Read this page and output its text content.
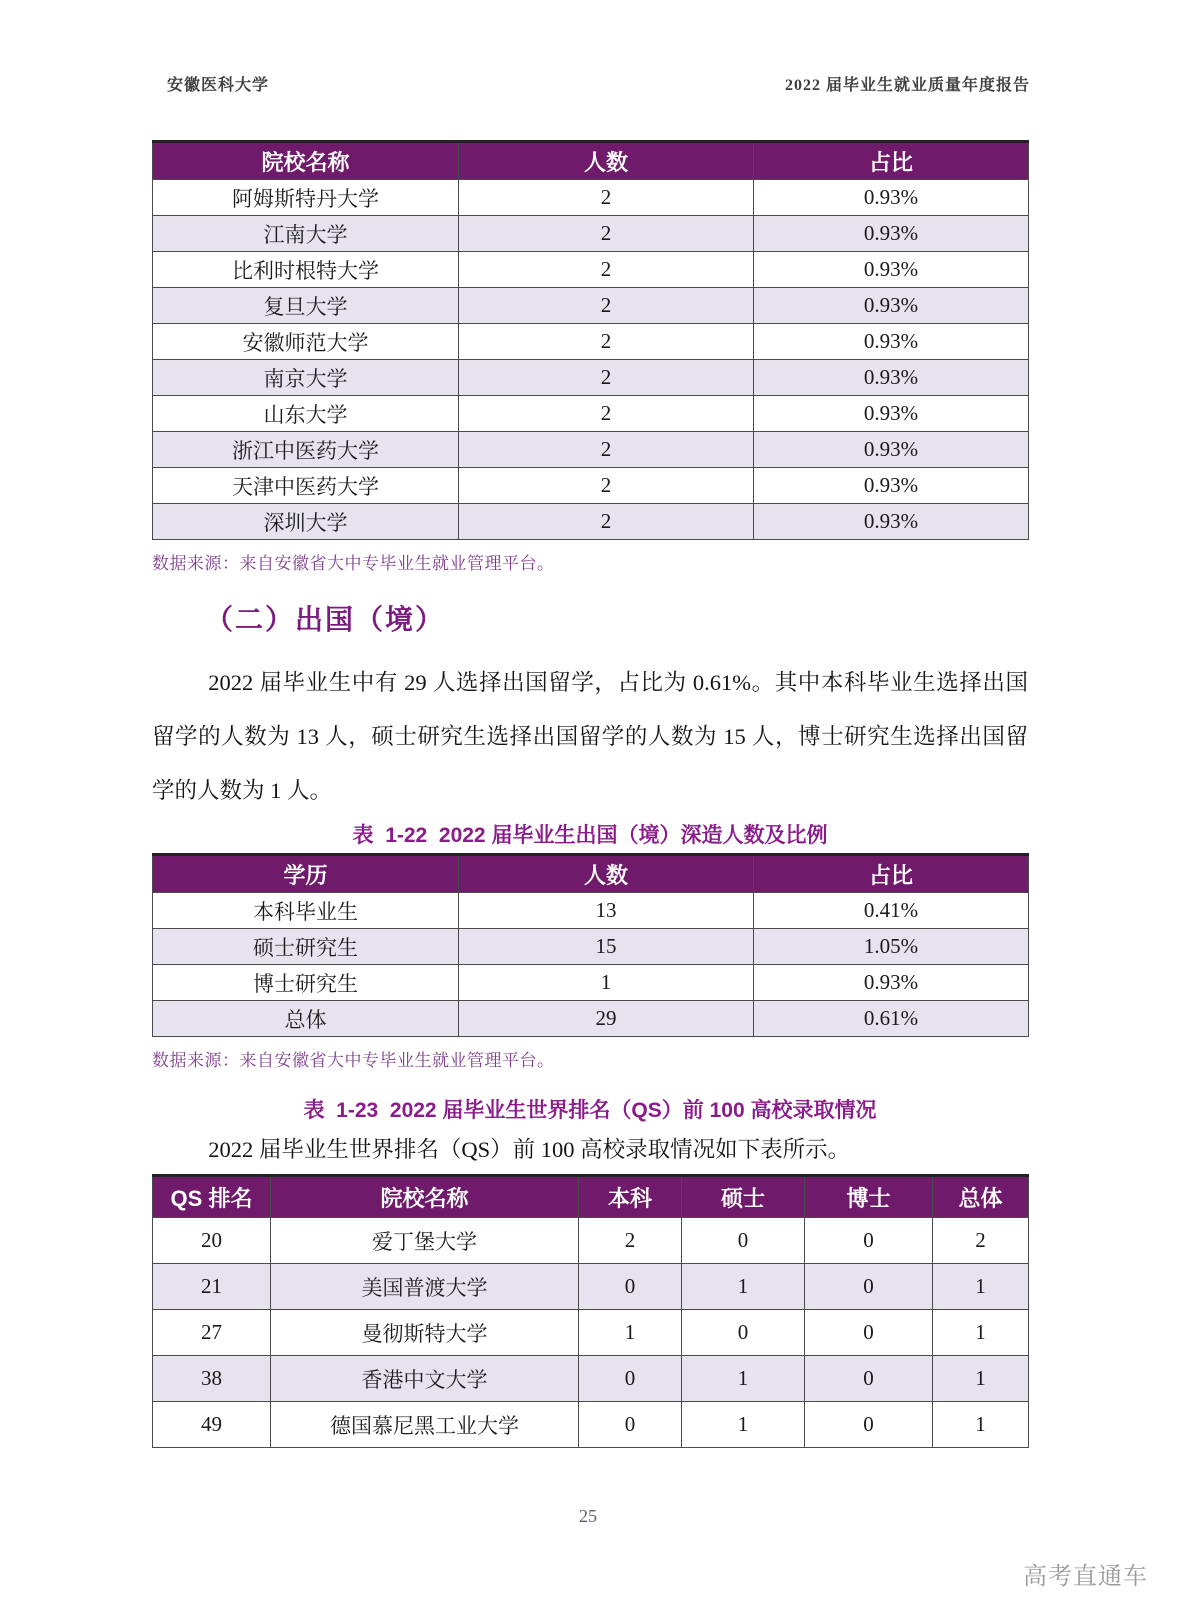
安徽医科大学	2022 届毕业生就业质量年度报告
院校名称	人数	占比
阿姆斯特丹大学	2	0.93%
江南大学	2	0.93%
比利时根特大学	2	0.93%
复旦大学	2	0.93%
安徽师范大学	2	0.93%
南京大学	2	0.93%
山东大学	2	0.93%
浙江中医药大学	2	0.93%
天津中医药大学	2	0.93%
深圳大学	2	0.93%

数据来源：来自安徽省大中专毕业生就业管理平台。

（二）出国（境）

2022 届毕业生中有 29 人选择出国留学，占比为 0.61%。其中本科毕业生选择出国留学的人数为 13 人，硕士研究生选择出国留学的人数为 15 人，博士研究生选择出国留学的人数为 1 人。

表  1-22  2022 届毕业生出国（境）深造人数及比例

学历	人数	占比
本科毕业生	13	0.41%
硕士研究生	15	1.05%
博士研究生	1	0.93%
总体	29	0.61%

数据来源：来自安徽省大中专毕业生就业管理平台。

表  1-23  2022 届毕业生世界排名（QS）前 100 高校录取情况

2022 届毕业生世界排名（QS）前 100 高校录取情况如下表所示。

QS 排名	院校名称	本科	硕士	博士	总体
20	爱丁堡大学	2	0	0	2
21	美国普渡大学	0	1	0	1
27	曼彻斯特大学	1	0	0	1
38	香港中文大学	0	1	0	1
49	德国慕尼黑工业大学	0	1	0	1
25
高考直通车
